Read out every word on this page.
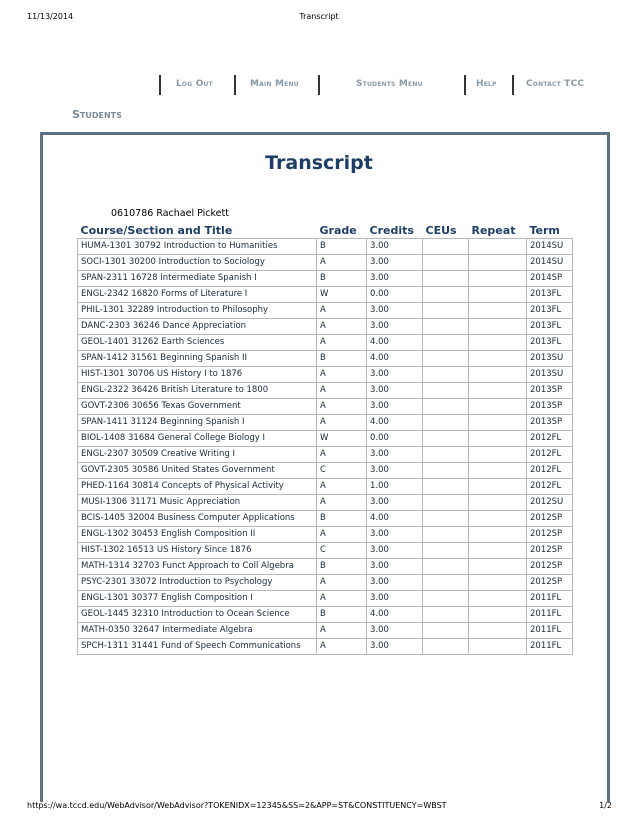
11/13/2014	Transcript
Log Out	Main Menu	Students Menu	Help	Contact TCC
Students
Transcript
0610786 Rachael Pickett
Course/Section and Title	Grade	Credits	CEUs	Repeat	Term
HUMA-1301 30792 Introduction to Humanities	B	3.00			2014SU
SOCI-1301 30200 Introduction to Sociology	A	3.00			2014SU
SPAN-2311 16728 Intermediate Spanish I	B	3.00			2014SP
ENGL-2342 16820 Forms of Literature I	W	0.00			2013FL
PHIL-1301 32289 Introduction to Philosophy	A	3.00			2013FL
DANC-2303 36246 Dance Appreciation	A	3.00			2013FL
GEOL-1401 31262 Earth Sciences	A	4.00			2013FL
SPAN-1412 31561 Beginning Spanish II	B	4.00			2013SU
HIST-1301 30706 US History I to 1876	A	3.00			2013SU
ENGL-2322 36426 British Literature to 1800	A	3.00			2013SP
GOVT-2306 30656 Texas Government	A	3.00			2013SP
SPAN-1411 31124 Beginning Spanish I	A	4.00			2013SP
BIOL-1408 31684 General College Biology I	W	0.00			2012FL
ENGL-2307 30509 Creative Writing I	A	3.00			2012FL
GOVT-2305 30586 United States Government	C	3.00			2012FL
PHED-1164 30814 Concepts of Physical Activity	A	1.00			2012FL
MUSI-1306 31171 Music Appreciation	A	3.00			2012SU
BCIS-1405 32004 Business Computer Applications	B	4.00			2012SP
ENGL-1302 30453 English Composition II	A	3.00			2012SP
HIST-1302 16513 US History Since 1876	C	3.00			2012SP
MATH-1314 32703 Funct Approach to Coll Algebra	B	3.00			2012SP
PSYC-2301 33072 Introduction to Psychology	A	3.00			2012SP
ENGL-1301 30377 English Composition I	A	3.00			2011FL
GEOL-1445 32310 Introduction to Ocean Science	B	4.00			2011FL
MATH-0350 32647 Intermediate Algebra	A	3.00			2011FL
SPCH-1311 31441 Fund of Speech Communications	A	3.00			2011FL
https://wa.tccd.edu/WebAdvisor/WebAdvisor?TOKENIDX=12345&SS=2&APP=ST&CONSTITUENCY=WBST	1/2
